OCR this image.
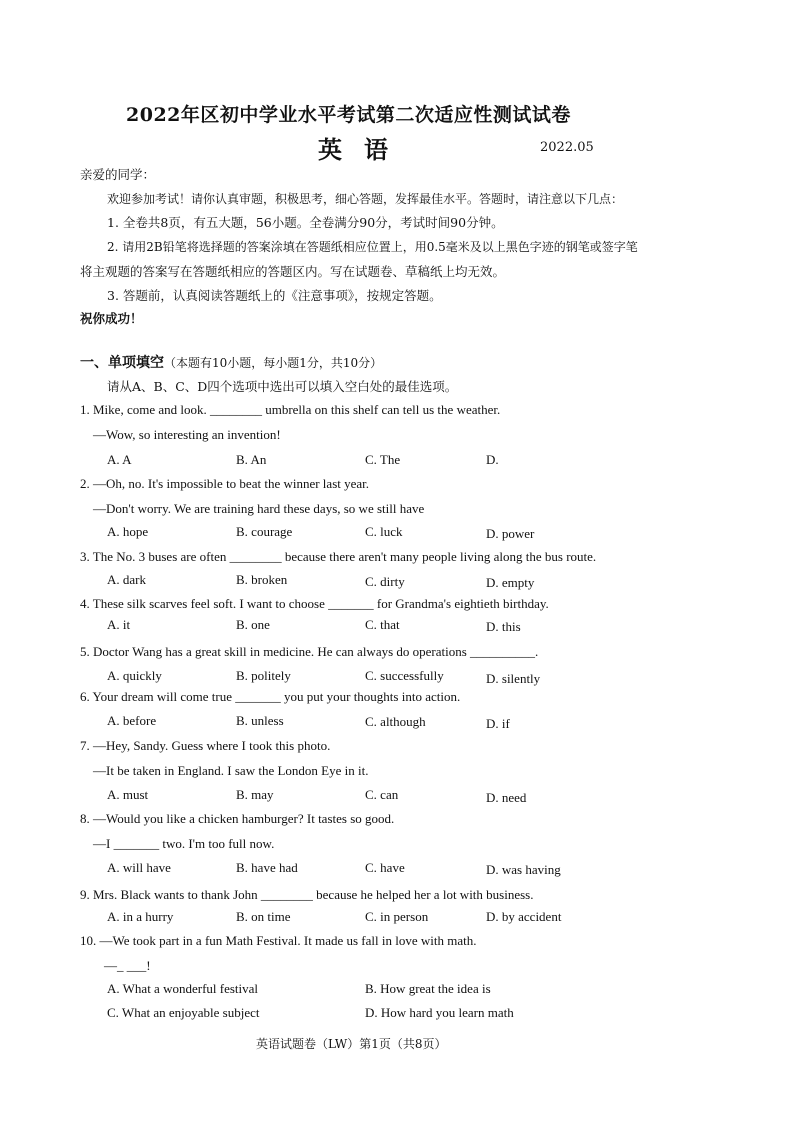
2022年区初中学业水平考试第二次适应性测试试卷
英语	2022.05
亲爱的同学：
欢迎参加考试！请你认真审题，积极思考，细心答题，发挥最佳水平。答题时，请注意以下几点：
1. 全卷共8页，有五大题，56小题。全卷满分90分，考试时间90分钟。
2. 请用2B铅笔将选择题的答案涂填在答题纸相应位置上，用0.5毫米及以上黑色字迹的钢笔或签字笔
将主观题的答案写在答题纸相应的答题区内。写在试题卷、草稿纸上均无效。
3. 答题前，认真阅读答题纸上的《注意事项》，按规定答题。
祝你成功！
一、单项填空（本题有10小题，每小题1分，共10分）
请从A、B、C、D四个选项中选出可以填入空白处的最佳选项。
1. Mike, come and look. ________ umbrella on this shelf can tell us the weather.
—Wow, so interesting an invention!
A. A	B. An	C. The	D.
2. —Oh, no. It's impossible to beat the winner last year.
—Don't worry. We are training hard these days, so we still have
A. hope	B. courage	C. luck	D. power
3. The No. 3 buses are often ________ because there aren't many people living along the bus route.
A. dark	B. broken	C. dirty	D. empty
4. These silk scarves feel soft. I want to choose _______ for Grandma's eightieth birthday.
A. it	B. one	C. that	D. this
5. Doctor Wang has a great skill in medicine. He can always do operations __________.
A. quickly	B. politely	C. successfully	D. silently
6. Your dream will come true _______ you put your thoughts into action.
A. before	B. unless	C. although	D. if
7. —Hey, Sandy. Guess where I took this photo.
—It be taken in England. I saw the London Eye in it.
A. must	B. may	C. can	D. need
8. —Would you like a chicken hamburger? It tastes so good.
—I _______ two. I'm too full now.
A. will have	B. have had	C. have	D. was having
9. Mrs. Black wants to thank John ________ because he helped her a lot with business.
A. in a hurry	B. on time	C. in person	D. by accident
10. —We took part in a fun Math Festival. It made us fall in love with math.
—_ ___!
A. What a wonderful festival	B. How great the idea is
C. What an enjoyable subject	D. How hard you learn math
英语试题卷（LW）第1页（共8页）
